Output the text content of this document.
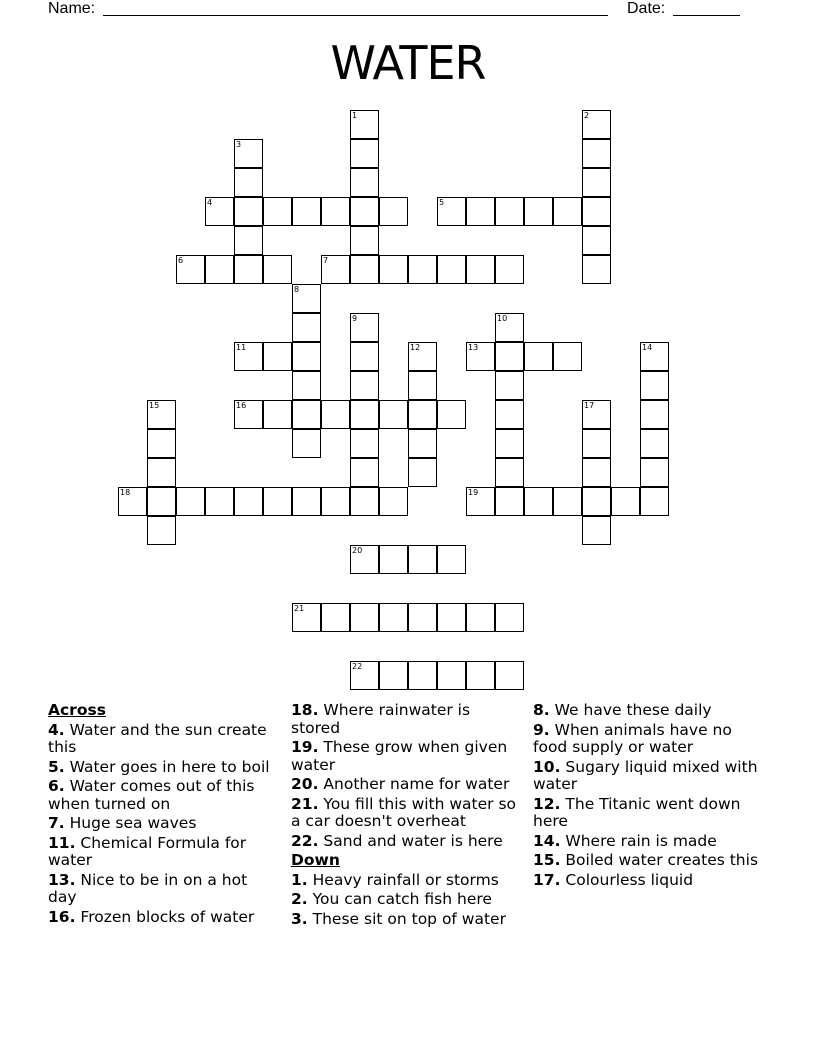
Name:	Date:
WATER
1	2
3
4	5
6	7
8
9	10
11	12	13	14
15	16	17
18	19
20
21
22
Across
4. Water and the sun create this
5. Water goes in here to boil
6. Water comes out of this when turned on
7. Huge sea waves
11. Chemical Formula for water
13. Nice to be in on a hot day
16. Frozen blocks of water
18. Where rainwater is stored
19. These grow when given water
20. Another name for water
21. You fill this with water so a car doesn't overheat
22. Sand and water is here
Down
1. Heavy rainfall or storms
2. You can catch fish here
3. These sit on top of water
8. We have these daily
9. When animals have no food supply or water
10. Sugary liquid mixed with water
12. The Titanic went down here
14. Where rain is made
15. Boiled water creates this
17. Colourless liquid
